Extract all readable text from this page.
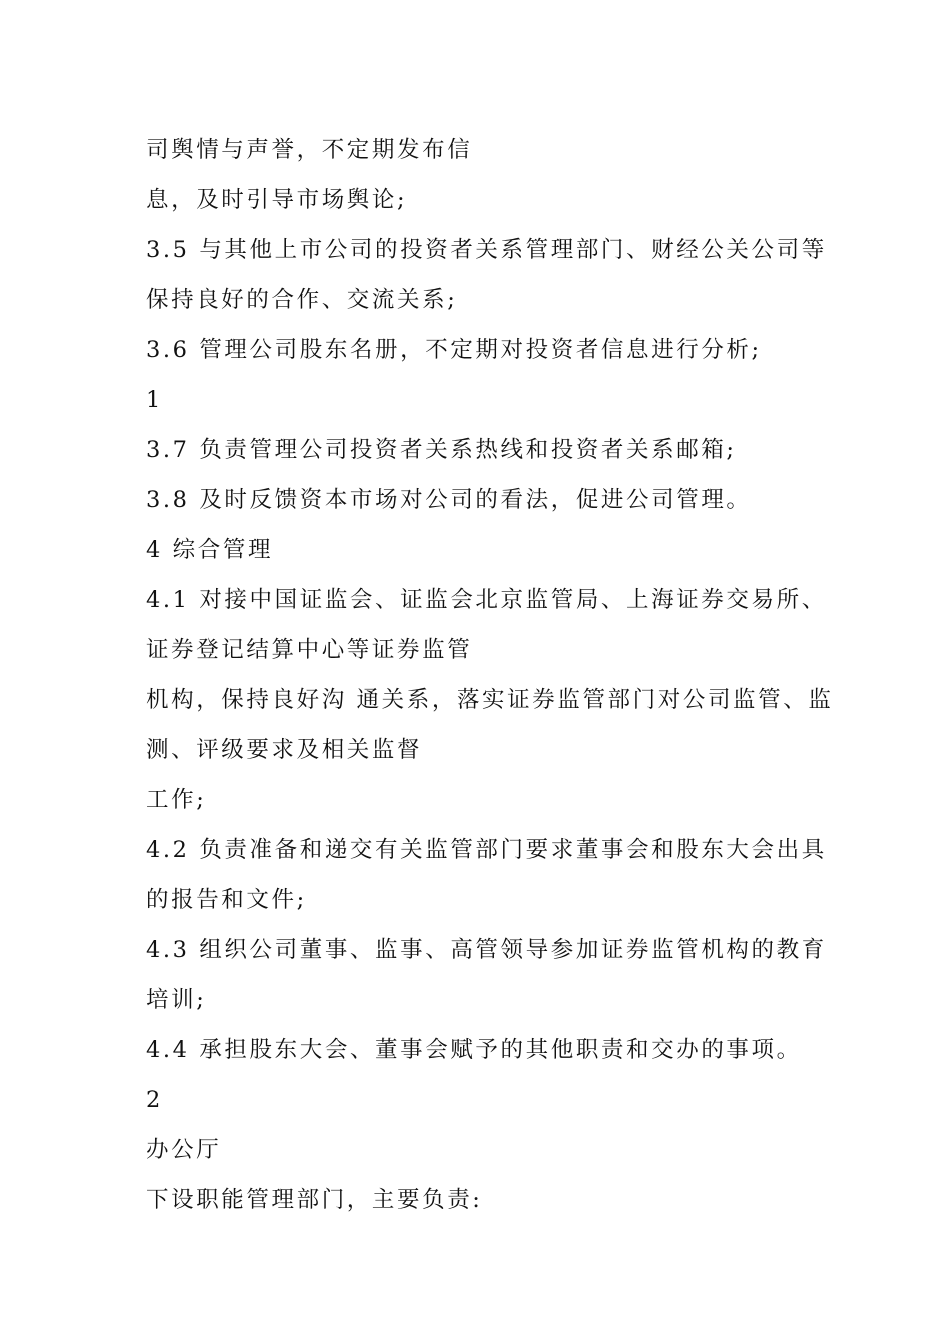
司舆情与声誉，不定期发布信
息，及时引导市场舆论;
3.5 与其他上市公司的投资者关系管理部门、财经公关公司等
保持良好的合作、交流关系;
3.6 管理公司股东名册，不定期对投资者信息进行分析;
1
3.7 负责管理公司投资者关系热线和投资者关系邮箱;
3.8 及时反馈资本市场对公司的看法，促进公司管理。
4 综合管理
4.1 对接中国证监会、证监会北京监管局、上海证券交易所、
证券登记结算中心等证券监管
机构，保持良好沟 通关系，落实证券监管部门对公司监管、监
测、评级要求及相关监督
工作;
4.2 负责准备和递交有关监管部门要求董事会和股东大会出具
的报告和文件;
4.3 组织公司董事、监事、高管领导参加证券监管机构的教育
培训;
4.4 承担股东大会、董事会赋予的其他职责和交办的事项。
2
办公厅
下设职能管理部门，主要负责:
